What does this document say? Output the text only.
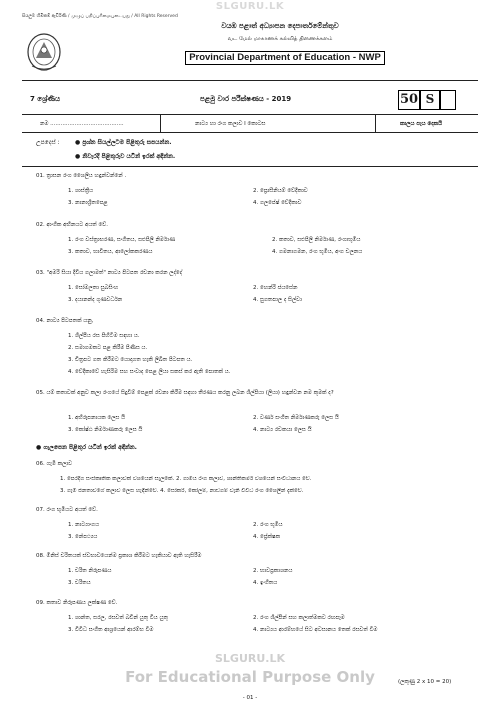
SLGURU.LK
සියලුම හිමිකම් ඇවිරිණි / முழுப் பதிப்புரிமையுடையது / All Rights Reserved
වයඹ පළාත් අධ්‍යාපන දෙපාර්තමේන්තුව
வட மேல் மாகாணக் கல்வித் திணைக்களம்
Provincial Department of Education - NWP
7 ශ්‍රේණිය	පළමු වාර පරීක්ෂණය - 2019	50 S
නම ..........................................	නාට්‍ය හා රංග කලාව I කොටස	කාලය පැය දෙකයි
උපදෙස් :	● ප්‍රශ්න සියල්ලටම පිළිතුරු සපයන්න.
● නිවැරදි පිළිතුරුව යටින් ඉරක් අඳින්න.
01. ත්‍රාසන රංග ශෛලිය හඳුන්වන්නේ .
1. ශාස්ත්‍රීය	2. ප්‍රොසීනියම් වේදිකාව
3. නානාශ්‍රිතපෙළ	4. ගලපේෂ් වේදිකාව
02. ආංගික අභිනයට අයත් වේ.
1. රංග වස්ත්‍රාභරණ, සංගීතය, සළුපිලි නිර්මාණ	2. කතාව, සළුපිලි නිර්මාණ, රංගාභූමිය
3. කතාව, භාවිතය, ආලෝකකරණය	4. ගමනාගමන, රංග භූමිය, අංග චලනය
03. "අමරි සියා දිවිය ගලාමත්" නාට්‍ය පිටපත රචනා කරන ලද්දේ
1. සෝමලතා සුබසිංහ	2. හෙන්රි ජයසේන
3. දයානන්ද ගුණවර්ධන	4. සුගතපාල ද සිල්වා
04. නාට්‍ය පිටපතක් යනු,
1. ශිල්පීය රස පිහිටීම සඳහා ය.
2. සමාගමකට පළ කිරීම පිණිස ය.
3. චිත්‍රපට ගත කිරීමට යොදාගත හැකි ලිඛිත පිටපත ය.
4. වේදිකාවේ හැසිරිම සහ සංවාද පෙළ ලියා සකස් කර ඇති පොතක් ය.
05. යම් කතාවක් අනුව කලා රංගයේ සිදුවීම් පෙළක් රචනා කිරීම සඳහා තීරණය කරනු ලබන ශිල්පියා (ලියා) හඳුන්වන නම කුමක් ද?
1. අභිරූපනායක ලෙස යි	2. වර්ණ සංගීත නිර්මාණකරු ලෙස යි
3. කෝෂ්ඨ නිර්මාණකරු ලෙස යි	4. නාට්‍ය රචකයා ලෙස යි
● ගැලපෙන පිළිතුර යටින් ඉරක් අඳින්න.
06. ගැමි කලාව
1. පෙරදිග සංස්කෘතික කලාවක් වශයෙන් සැලකේ. 2. ගාමීය රංග කලාව, ශාන්තිකර්ම වශයෙන් සංවිධානය වේ.
3. ගැමි ජනතාවගේ කලාව ලෙස හැඳින්වේ. 4. සෝකරි, කෝලම්, නාඩගම් වැනි විවිධ රංග ශෛලීන් දැක්වේ.
07. රංග භූමියට අයත් වේ.
1. නාට්‍යාංගය	2. රංග භූමිය
3. නේපථ්‍යය	4. ප්‍රේක්ෂක
08. මිනිස් චරිතයක් ස්වභාවයෙන්ම ප්‍රකාශ කිරීමට හැකියාව ඇති හැසිරීම
1. චරිත නිරූපණය	2. භාවප්‍රකාශනය
3. චරිතය	4. ඉංගිතය
09. කතාව නිරූපණය ලක්ෂණ වේ.
1. ශාන්ත, සරල, රසවත් බවින් යුතු විය යුතු	2. රංග ශිල්පීන් සහ කලාත්මකව රඟපෑම
3. විවිධ සංගීත ආශ්‍රයෙන් ආරම්භ වීම	4. නාට්‍යය ආරම්භයේ සිට අවසානය තෙක් රසවත් වීම
(ලකුණු 2 x 10 = 20)
- 01 -
SLGURU.LK
For Educational Purpose Only
